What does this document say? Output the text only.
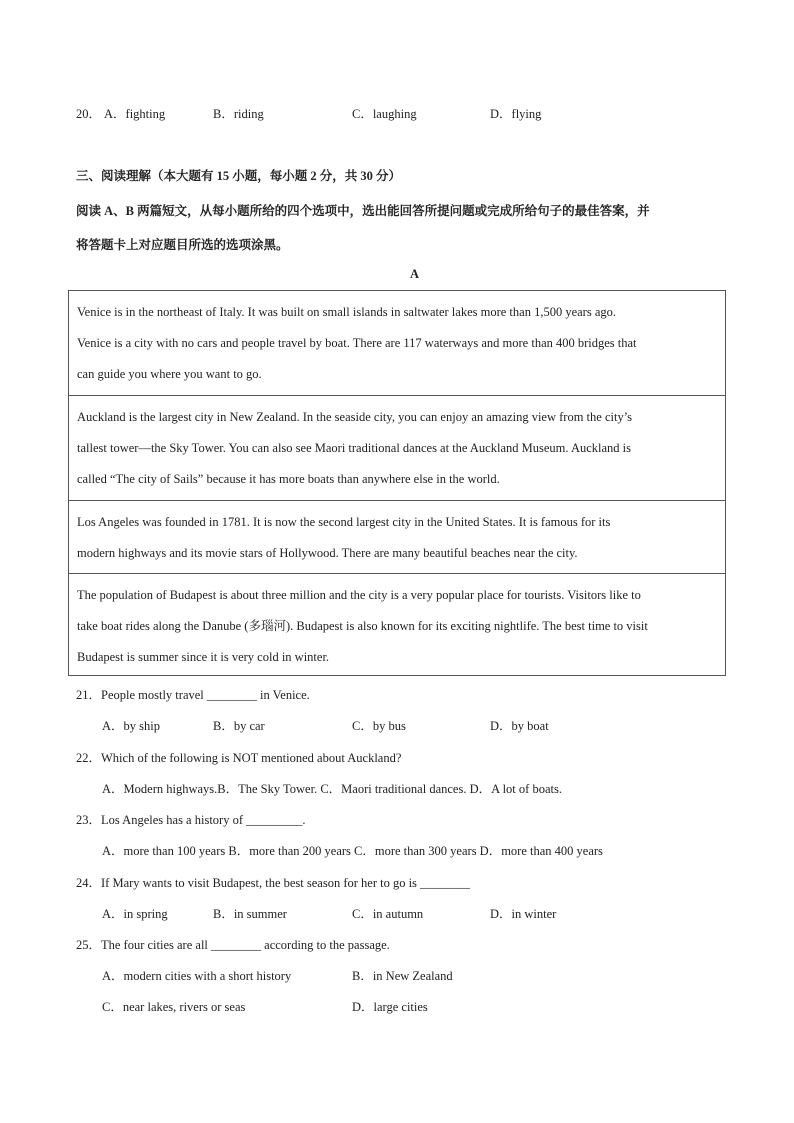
20． A．fighting	B．riding	C．laughing	D．flying
三、阅读理解（本大题有 15 小题，每小题 2 分，共 30 分）
阅读 A、B 两篇短文，从每小题所给的四个选项中，选出能回答所提问题或完成所给句子的最佳答案，并
将答题卡上对应题目所选的选项涂黑。
A
Venice is in the northeast of Italy. It was built on small islands in saltwater lakes more than 1,500 years ago.
Venice is a city with no cars and people travel by boat. There are 117 waterways and more than 400 bridges that
can guide you where you want to go.
Auckland is the largest city in New Zealand. In the seaside city, you can enjoy an amazing view from the city’s
tallest tower—the Sky Tower. You can also see Maori traditional dances at the Auckland Museum. Auckland is
called “The city of Sails” because it has more boats than anywhere else in the world.
Los Angeles was founded in 1781. It is now the second largest city in the United States. It is famous for its
modern highways and its movie stars of Hollywood. There are many beautiful beaches near the city.
The population of Budapest is about three million and the city is a very popular place for tourists. Visitors like to
take boat rides along the Danube (多瑙河). Budapest is also known for its exciting nightlife. The best time to visit
Budapest is summer since it is very cold in winter.
21．People mostly travel ________ in Venice.
A．by ship	B．by car	C．by bus	D．by boat
22．Which of the following is NOT mentioned about Auckland?
A．Modern highways.B．The Sky Tower. C．Maori traditional dances. D．A lot of boats.
23．Los Angeles has a history of _________.
A．more than 100 years B．more than 200 years C．more than 300 years D．more than 400 years
24．If Mary wants to visit Budapest, the best season for her to go is ________
A．in spring	B．in summer	C．in autumn	D．in winter
25．The four cities are all ________ according to the passage.
A．modern cities with a short history	B．in New Zealand
C．near lakes, rivers or seas	D．large cities
